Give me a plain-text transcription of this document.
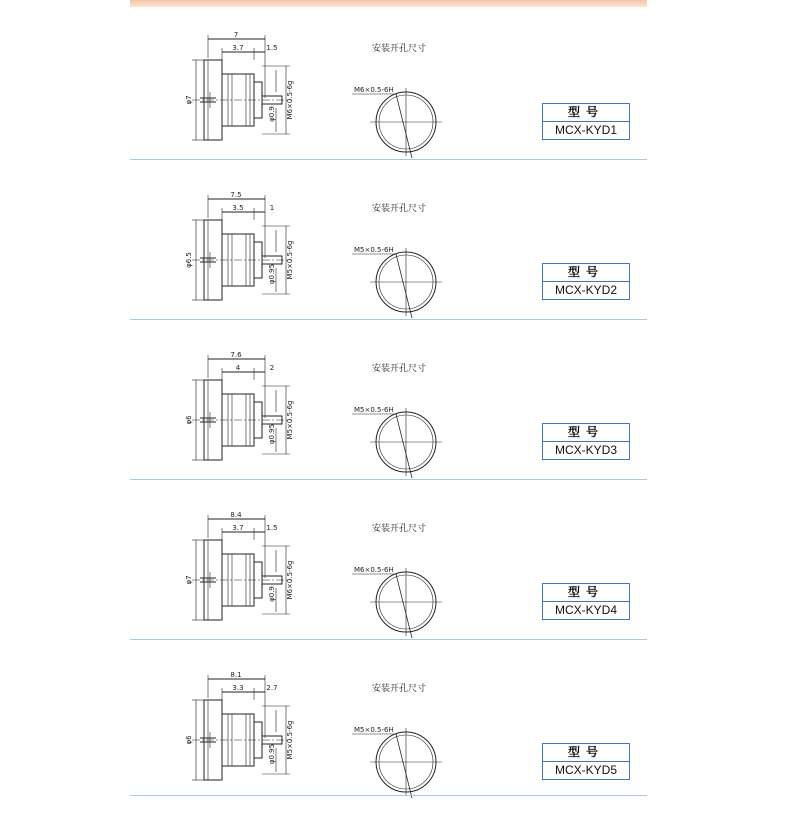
7
3.7	1.5
φ7
φ0.9 M6×0.5-6g	M6×0.5-6H
安装开孔尺寸
型号
MCX-KYD1
7.5
3.5	1
φ6.5
φ0.95 M5×0.5-6g	M5×0.5-6H
安装开孔尺寸
型号
MCX-KYD2
7.6
4	2
φ6
φ0.95 M5×0.5-6g	M5×0.5-6H
安装开孔尺寸
型号
MCX-KYD3
8.4
3.7	1.5
φ7
φ0.9 M6×0.5-6g	M6×0.5-6H
安装开孔尺寸
型号
MCX-KYD4
8.1
3.3	2.7
φ6
φ0.95 M5×0.5-6g	M5×0.5-6H
安装开孔尺寸
型号
MCX-KYD5
